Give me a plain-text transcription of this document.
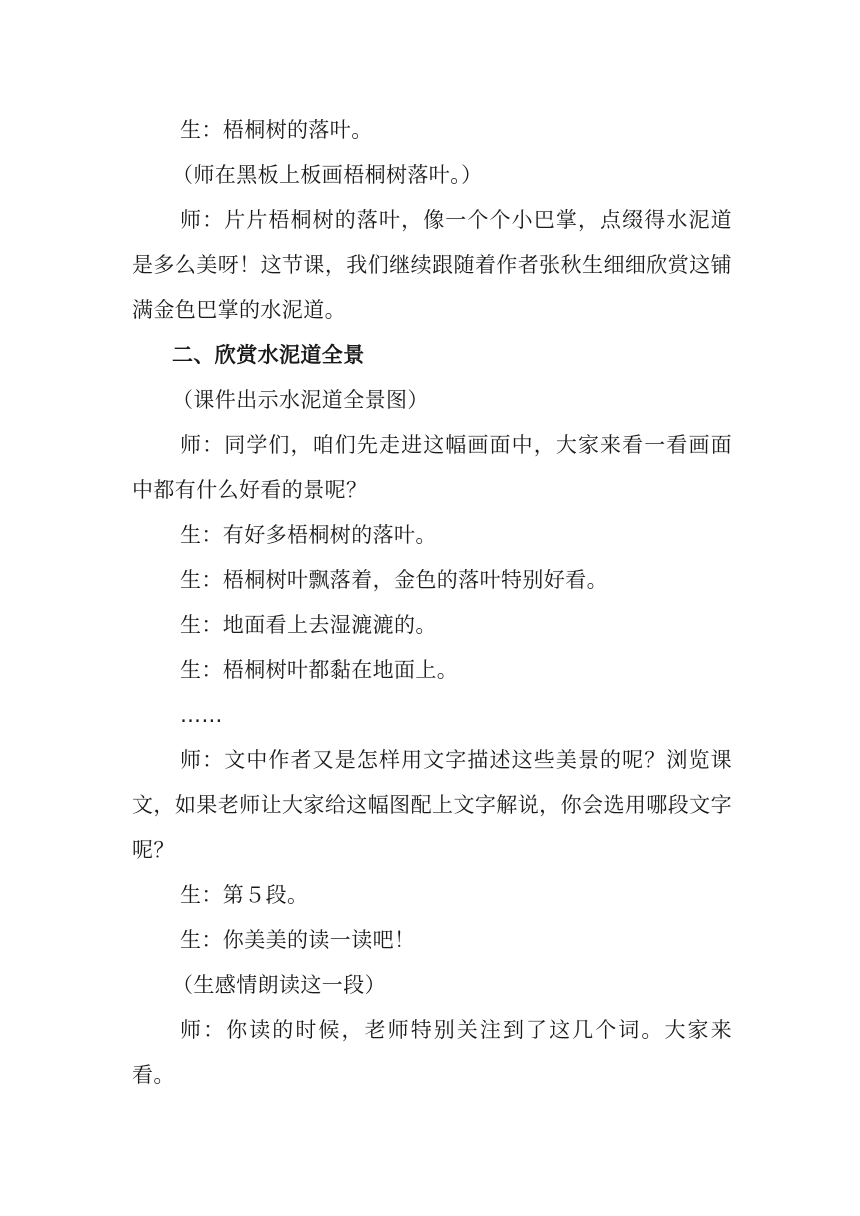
生：梧桐树的落叶。

（师在黑板上板画梧桐树落叶。）

师：片片梧桐树的落叶，像一个个小巴掌，点缀得水泥道是多么美呀！这节课，我们继续跟随着作者张秋生细细欣赏这铺满金色巴掌的水泥道。

二、欣赏水泥道全景

（课件出示水泥道全景图）

师：同学们，咱们先走进这幅画面中，大家来看一看画面中都有什么好看的景呢？

生：有好多梧桐树的落叶。

生：梧桐树叶飘落着，金色的落叶特别好看。

生：地面看上去湿漉漉的。

生：梧桐树叶都黏在地面上。

……

师：文中作者又是怎样用文字描述这些美景的呢？浏览课文，如果老师让大家给这幅图配上文字解说，你会选用哪段文字呢？

生：第５段。

生：你美美的读一读吧！

（生感情朗读这一段）

师：你读的时候，老师特别关注到了这几个词。大家来看。
